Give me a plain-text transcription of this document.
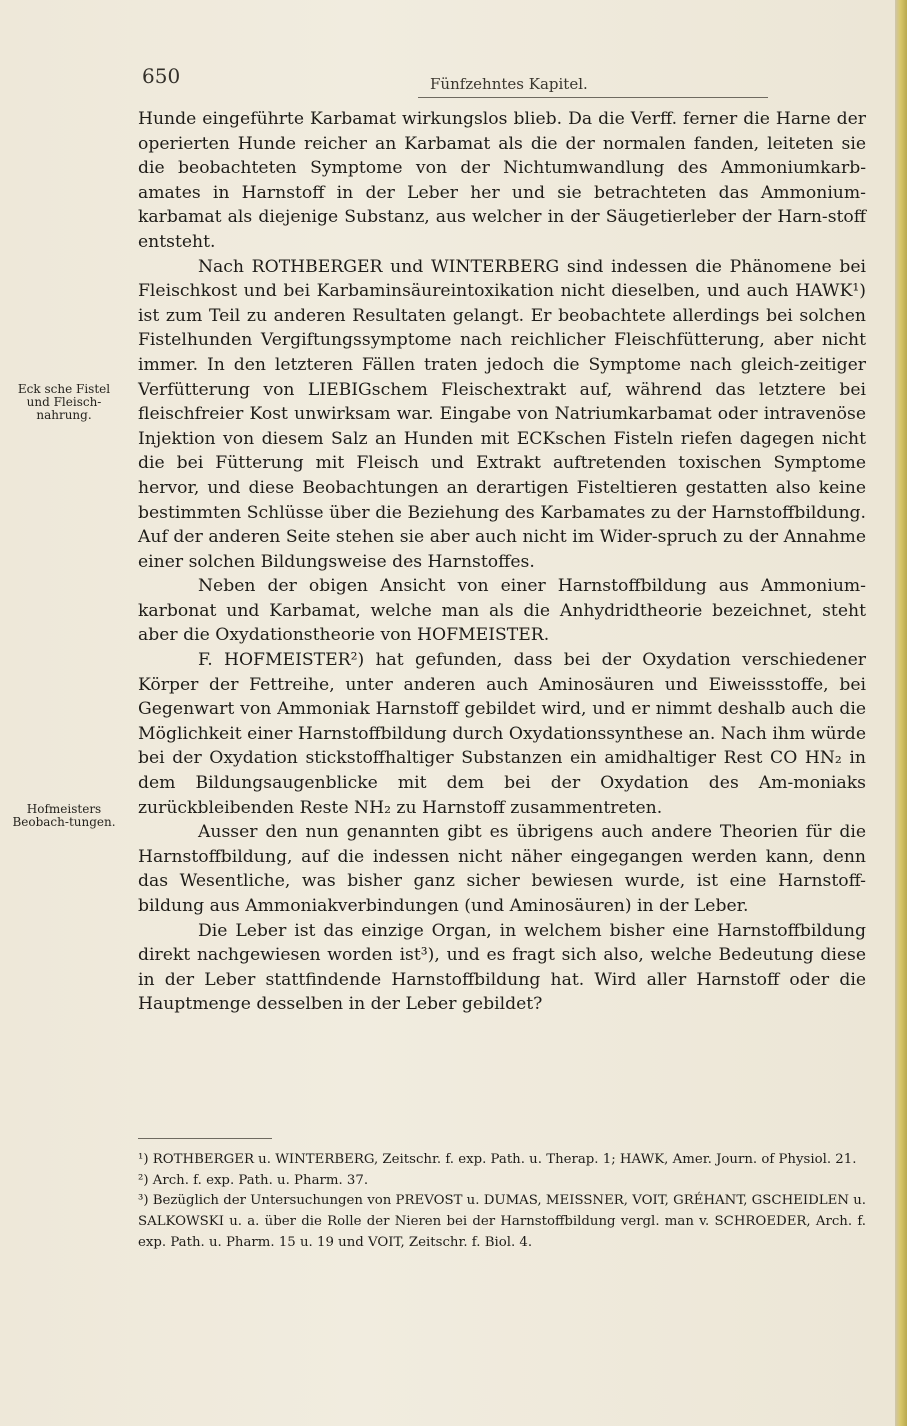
650	Fünfzehntes Kapitel.
Eck sche Fistel und Fleisch-nahrung.
Hofmeisters Beobach-tungen.

Hunde eingeführte Karbamat wirkungslos blieb. Da die Verff. ferner die Harne der operierten Hunde reicher an Karbamat als die der normalen fanden, leiteten sie die beobachteten Symptome von der Nichtumwandlung des Ammoniumkarb-amates in Harnstoff in der Leber her und sie betrachteten das Ammonium-karbamat als diejenige Substanz, aus welcher in der Säugetierleber der Harn-stoff entsteht.

Nach ROTHBERGER und WINTERBERG sind indessen die Phänomene bei Fleischkost und bei Karbaminsäureintoxikation nicht dieselben, und auch HAWK¹) ist zum Teil zu anderen Resultaten gelangt. Er beobachtete allerdings bei solchen Fistelhunden Vergiftungssymptome nach reichlicher Fleischfütterung, aber nicht immer. In den letzteren Fällen traten jedoch die Symptome nach gleich-zeitiger Verfütterung von LIEBIGschem Fleischextrakt auf, während das letztere bei fleischfreier Kost unwirksam war. Eingabe von Natriumkarbamat oder intravenöse Injektion von diesem Salz an Hunden mit ECKschen Fisteln riefen dagegen nicht die bei Fütterung mit Fleisch und Extrakt auftretenden toxischen Symptome hervor, und diese Beobachtungen an derartigen Fisteltieren gestatten also keine bestimmten Schlüsse über die Beziehung des Karbamates zu der Harnstoffbildung. Auf der anderen Seite stehen sie aber auch nicht im Wider-spruch zu der Annahme einer solchen Bildungsweise des Harnstoffes.

Neben der obigen Ansicht von einer Harnstoffbildung aus Ammonium-karbonat und Karbamat, welche man als die Anhydridtheorie bezeichnet, steht aber die Oxydationstheorie von HOFMEISTER.

F. HOFMEISTER²) hat gefunden, dass bei der Oxydation verschiedener Körper der Fettreihe, unter anderen auch Aminosäuren und Eiweissstoffe, bei Gegenwart von Ammoniak Harnstoff gebildet wird, und er nimmt deshalb auch die Möglichkeit einer Harnstoffbildung durch Oxydationssynthese an. Nach ihm würde bei der Oxydation stickstoffhaltiger Substanzen ein amidhaltiger Rest CO HN₂ in dem Bildungsaugenblicke mit dem bei der Oxydation des Am-moniaks zurückbleibenden Reste NH₂ zu Harnstoff zusammentreten.

Ausser den nun genannten gibt es übrigens auch andere Theorien für die Harnstoffbildung, auf die indessen nicht näher eingegangen werden kann, denn das Wesentliche, was bisher ganz sicher bewiesen wurde, ist eine Harnstoff-bildung aus Ammoniakverbindungen (und Aminosäuren) in der Leber.

Die Leber ist das einzige Organ, in welchem bisher eine Harnstoffbildung direkt nachgewiesen worden ist³), und es fragt sich also, welche Bedeutung diese in der Leber stattfindende Harnstoffbildung hat. Wird aller Harnstoff oder die Hauptmenge desselben in der Leber gebildet?

¹) ROTHBERGER u. WINTERBERG, Zeitschr. f. exp. Path. u. Therap. 1; HAWK, Amer. Journ. of Physiol. 21.

²) Arch. f. exp. Path. u. Pharm. 37.

³) Bezüglich der Untersuchungen von PREVOST u. DUMAS, MEISSNER, VOIT, GRÉHANT, GSCHEIDLEN u. SALKOWSKI u. a. über die Rolle der Nieren bei der Harnstoffbildung vergl. man v. SCHROEDER, Arch. f. exp. Path. u. Pharm. 15 u. 19 und VOIT, Zeitschr. f. Biol. 4.
